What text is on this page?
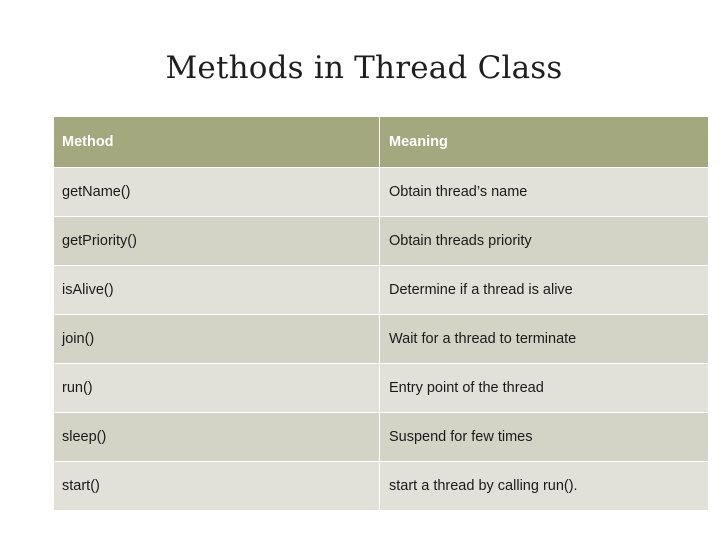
Methods in Thread Class
Method	Meaning
getName()	Obtain thread’s name
getPriority()	Obtain threads priority
isAlive()	Determine if a thread is alive
join()	Wait for a thread to terminate
run()	Entry point of the thread
sleep()	Suspend for few times
start()	start a thread by calling run().
